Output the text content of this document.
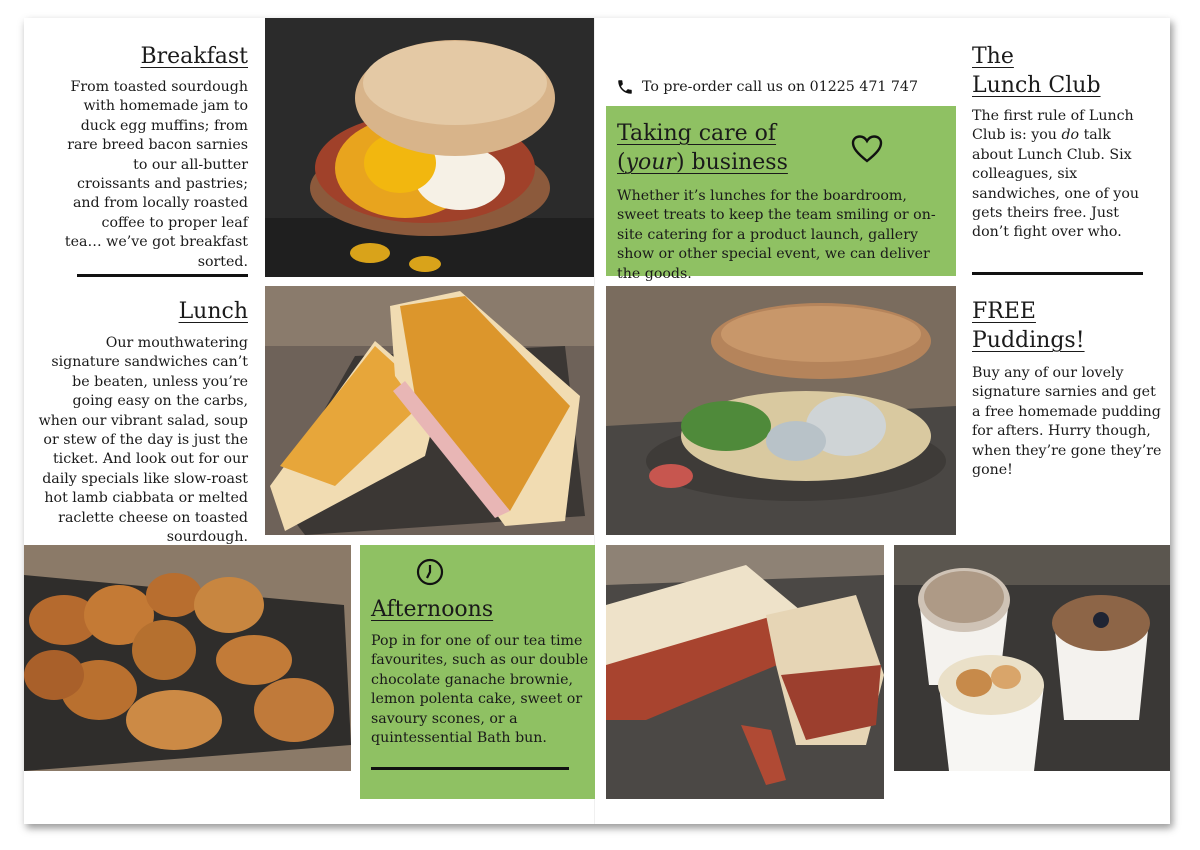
Breakfast

From toasted sourdough with homemade jam to duck egg muffins; from rare breed bacon sarnies to our all-butter croissants and pastries; and from locally roasted coffee to proper leaf tea… we’ve got breakfast sorted.

Lunch

Our mouthwatering signature sandwiches can’t be beaten, unless you’re going easy on the carbs, when our vibrant salad, soup or stew of the day is just the ticket. And look out for our daily specials like slow-roast hot lamb ciabbata or melted raclette cheese on toasted sourdough.

To pre-order call us on 01225 471 747

Taking care of
(your) business

Whether it’s lunches for the boardroom, sweet treats to keep the team smiling or on-site catering for a product launch, gallery show or other special event, we can deliver the goods.

The
Lunch Club

The first rule of Lunch Club is: you do talk about Lunch Club. Six colleagues, six sandwiches, one of you gets theirs free. Just don’t fight over who.

FREE
Puddings!

Buy any of our lovely signature sarnies and get a free homemade pudding for afters. Hurry though, when they’re gone they’re gone!

Afternoons

Pop in for one of our tea time favourites, such as our double chocolate ganache brownie, lemon polenta cake, sweet or savoury scones, or a quintessential Bath bun.
